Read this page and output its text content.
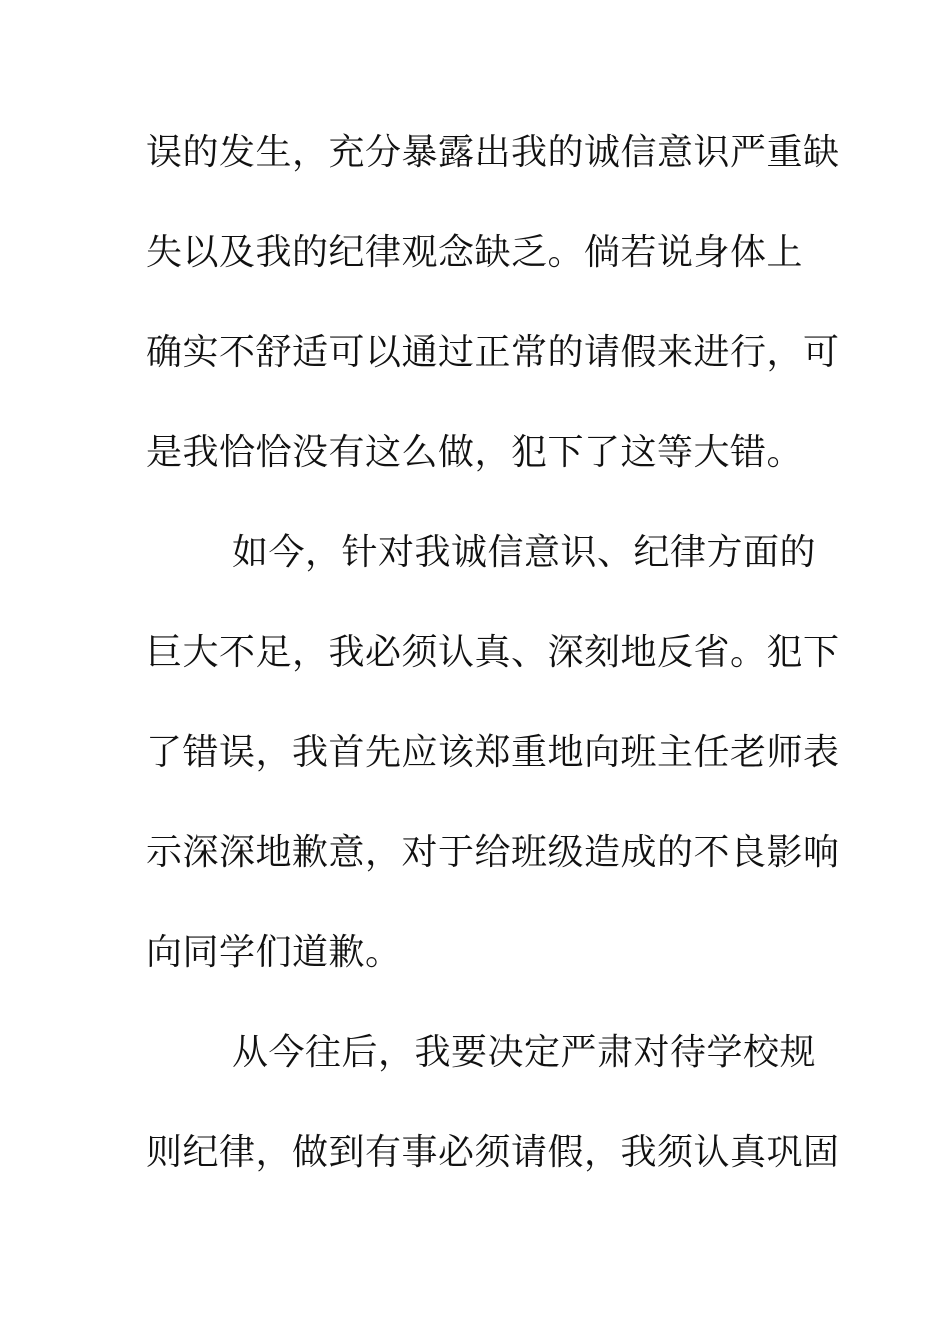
误的发生，充分暴露出我的诚信意识严重缺
失以及我的纪律观念缺乏。倘若说身体上
确实不舒适可以通过正常的请假来进行，可
是我恰恰没有这么做，犯下了这等大错。
如今，针对我诚信意识、纪律方面的
巨大不足，我必须认真、深刻地反省。犯下
了错误，我首先应该郑重地向班主任老师表
示深深地歉意，对于给班级造成的不良影响
向同学们道歉。
从今往后，我要决定严肃对待学校规
则纪律，做到有事必须请假，我须认真巩固
